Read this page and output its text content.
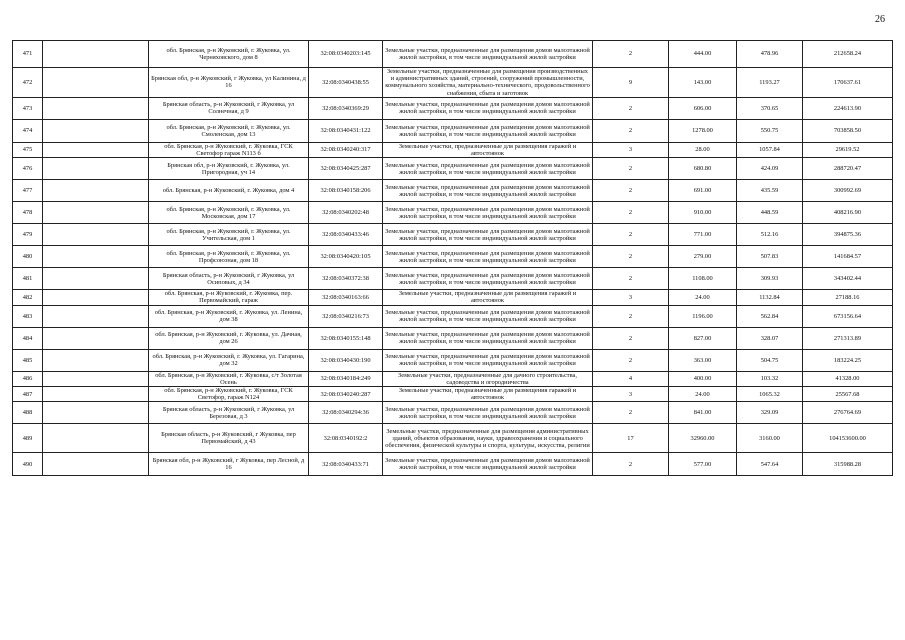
26
471		обл. Брянская, р-н Жуковский, г. Жуковка, ул. Черняховского, дом 8	32:08:0340203:145	Земельные участки, предназначенные для размещения домов малоэтажной жилой застройки, в том числе индивидуальной жилой застройки	2	444.00	478.96	212658.24
472		Брянская обл, р-н Жуковский, г Жуковка, ул Калинина, д 16	32:08:0340438:55	Земельные участки, предназначенные для размещения производственных и административных зданий, строений, сооружений промышленности, коммунального хозяйства, материально-технического, продовольственного снабжения, сбыта и заготовок	9	143.00	1193.27	170637.61
473		Брянская область, р-н Жуковский, г Жуковка, ул Солнечная, д 9	32:08:0340369:29	Земельные участки, предназначенные для размещения домов малоэтажной жилой застройки, в том числе индивидуальной жилой застройки	2	606.00	370.65	224613.90
474		обл. Брянская, р-н Жуковский, г. Жуковка, ул. Смоленская, дом 13	32:08:0340431:122	Земельные участки, предназначенные для размещения домов малоэтажной жилой застройки, в том числе индивидуальной жилой застройки	2	1278.00	550.75	703858.50
475		обл. Брянская, р-н Жуковский, г. Жуковка, ГСК Светофор гараж N113 б	32:08:0340240:317	Земельные участки, предназначенные для размещения гаражей и автостоянок	3	28.00	1057.84	29619.52
476		Брянская обл, р-н Жуковский, г. Жуковка, ул. Пригородная, уч 14	32:08:0340425:287	Земельные участки, предназначенные для размещения домов малоэтажной жилой застройки, в том числе индивидуальной жилой застройки	2	680.80	424.09	288720.47
477		обл. Брянская, р-н Жуковский, г. Жуковка, дом 4	32:08:0340158:206	Земельные участки, предназначенные для размещения домов малоэтажной жилой застройки, в том числе индивидуальной жилой застройки	2	691.00	435.59	300992.69
478		обл. Брянская, р-н Жуковский, г. Жуковка, ул. Московская, дом 17	32:08:0340202:48	Земельные участки, предназначенные для размещения домов малоэтажной жилой застройки, в том числе индивидуальной жилой застройки	2	910.00	448.59	408216.90
479		обл. Брянская, р-н Жуковский, г. Жуковка, ул. Учительская, дом 1	32:08:0340433:46	Земельные участки, предназначенные для размещения домов малоэтажной жилой застройки, в том числе индивидуальной жилой застройки	2	771.00	512.16	394875.36
480		обл. Брянская, р-н Жуковский, г. Жуковка, ул. Профсоюзная, дом 18	32:08:0340420:105	Земельные участки, предназначенные для размещения домов малоэтажной жилой застройки, в том числе индивидуальной жилой застройки	2	279.00	507.83	141684.57
481		Брянская область, р-н Жуковский, г Жуковка, ул Осиповых, д 34	32:08:0340372:38	Земельные участки, предназначенные для размещения домов малоэтажной жилой застройки, в том числе индивидуальной жилой застройки	2	1108.00	309.93	343402.44
482		обл. Брянская, р-н Жуковский, г. Жуковка, пер. Первомайский, гараж	32:08:0340163:66	Земельные участки, предназначенные для размещения гаражей и автостоянок	3	24.00	1132.84	27188.16
483		обл. Брянская, р-н Жуковский, г. Жуковка, ул. Ленина, дом 38	32:08:0340216:73	Земельные участки, предназначенные для размещения домов малоэтажной жилой застройки, в том числе индивидуальной жилой застройки	2	1196.00	562.84	673156.64
484		обл. Брянская, р-н Жуковский, г. Жуковка, ул. Дачная, дом 26	32:08:0340155:148	Земельные участки, предназначенные для размещения домов малоэтажной жилой застройки, в том числе индивидуальной жилой застройки	2	827.00	328.07	271313.89
485		обл. Брянская, р-н Жуковский, г. Жуковка, ул. Гагарина, дом 32	32:08:0340430:190	Земельные участки, предназначенные для размещения домов малоэтажной жилой застройки, в том числе индивидуальной жилой застройки	2	363.00	504.75	183224.25
486		обл. Брянская, р-н Жуковский, г. Жуковка, с/т Золотая Осень	32:08:0340184:249	Земельные участки, предназначенные для дачного строительства, садоводства и огородничества	4	400.00	103.32	41328.00
487		обл. Брянская, р-н Жуковский, г. Жуковка, ГСК Светофор, гараж N124	32:08:0340240:287	Земельные участки, предназначенные для размещения гаражей и автостоянок	3	24.00	1065.32	25567.68
488		Брянская область, р-н Жуковский, г Жуковка, ул Березовая, д 3	32:08:0340294:36	Земельные участки, предназначенные для размещения домов малоэтажной жилой застройки, в том числе индивидуальной жилой застройки	2	841.00	329.09	276764.69
489		Брянская область, р-н Жуковский, г Жуковка, пер Первомайский, д 43	32:08:0340192:2	Земельные участки, предназначенные для размещения административных зданий, объектов образования, науки, здравоохранения и социального обеспечения, физической культуры и спорта, культуры, искусства, религии	17	32960.00	3160.00	104153600.00
490		Брянская обл, р-н Жуковский, г Жуковка, пер Лесной, д 16	32:08:0340433:71	Земельные участки, предназначенные для размещения домов малоэтажной жилой застройки, в том числе индивидуальной жилой застройки	2	577.00	547.64	315988.28
